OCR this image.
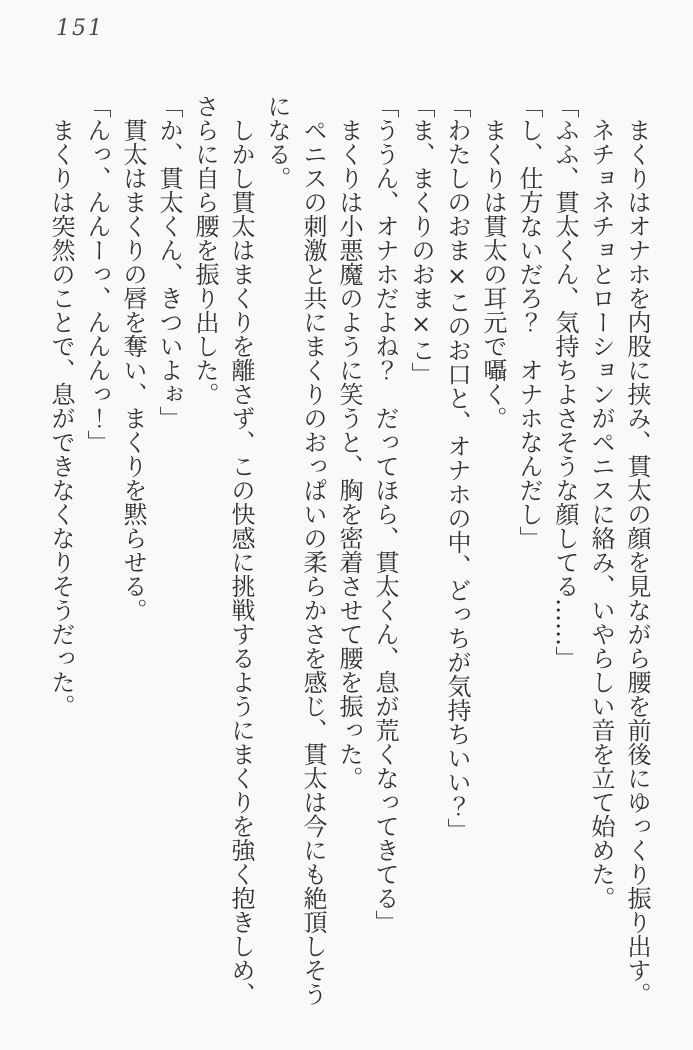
151

まくりはオナホを内股に挟み、貫太の顔を見ながら腰を前後にゆっくり振り出す。

ネチョネチョとローションがペニスに絡み、いやらしい音を立て始めた。

「ふふ、貫太くん、気持ちよさそうな顔してる……」

「し、仕方ないだろ？　オナホなんだし」

まくりは貫太の耳元で囁く。

「わたしのおま×このお口と、オナホの中、どっちが気持ちいい？」

「ま、まくりのおま×こ」

「ううん、オナホだよね？　だってほら、貫太くん、息が荒くなってきてる」

まくりは小悪魔のように笑うと、胸を密着させて腰を振った。

ペニスの刺激と共にまくりのおっぱいの柔らかさを感じ、貫太は今にも絶頂しそうになる。

しかし貫太はまくりを離さず、この快感に挑戦するようにまくりを強く抱きしめ、さらに自ら腰を振り出した。

「か、貫太くん、きついよぉ」

貫太はまくりの唇を奪い、まくりを黙らせる。

「んっ、んんーっ、んんんっ！」

まくりは突然のことで、息ができなくなりそうだった。
